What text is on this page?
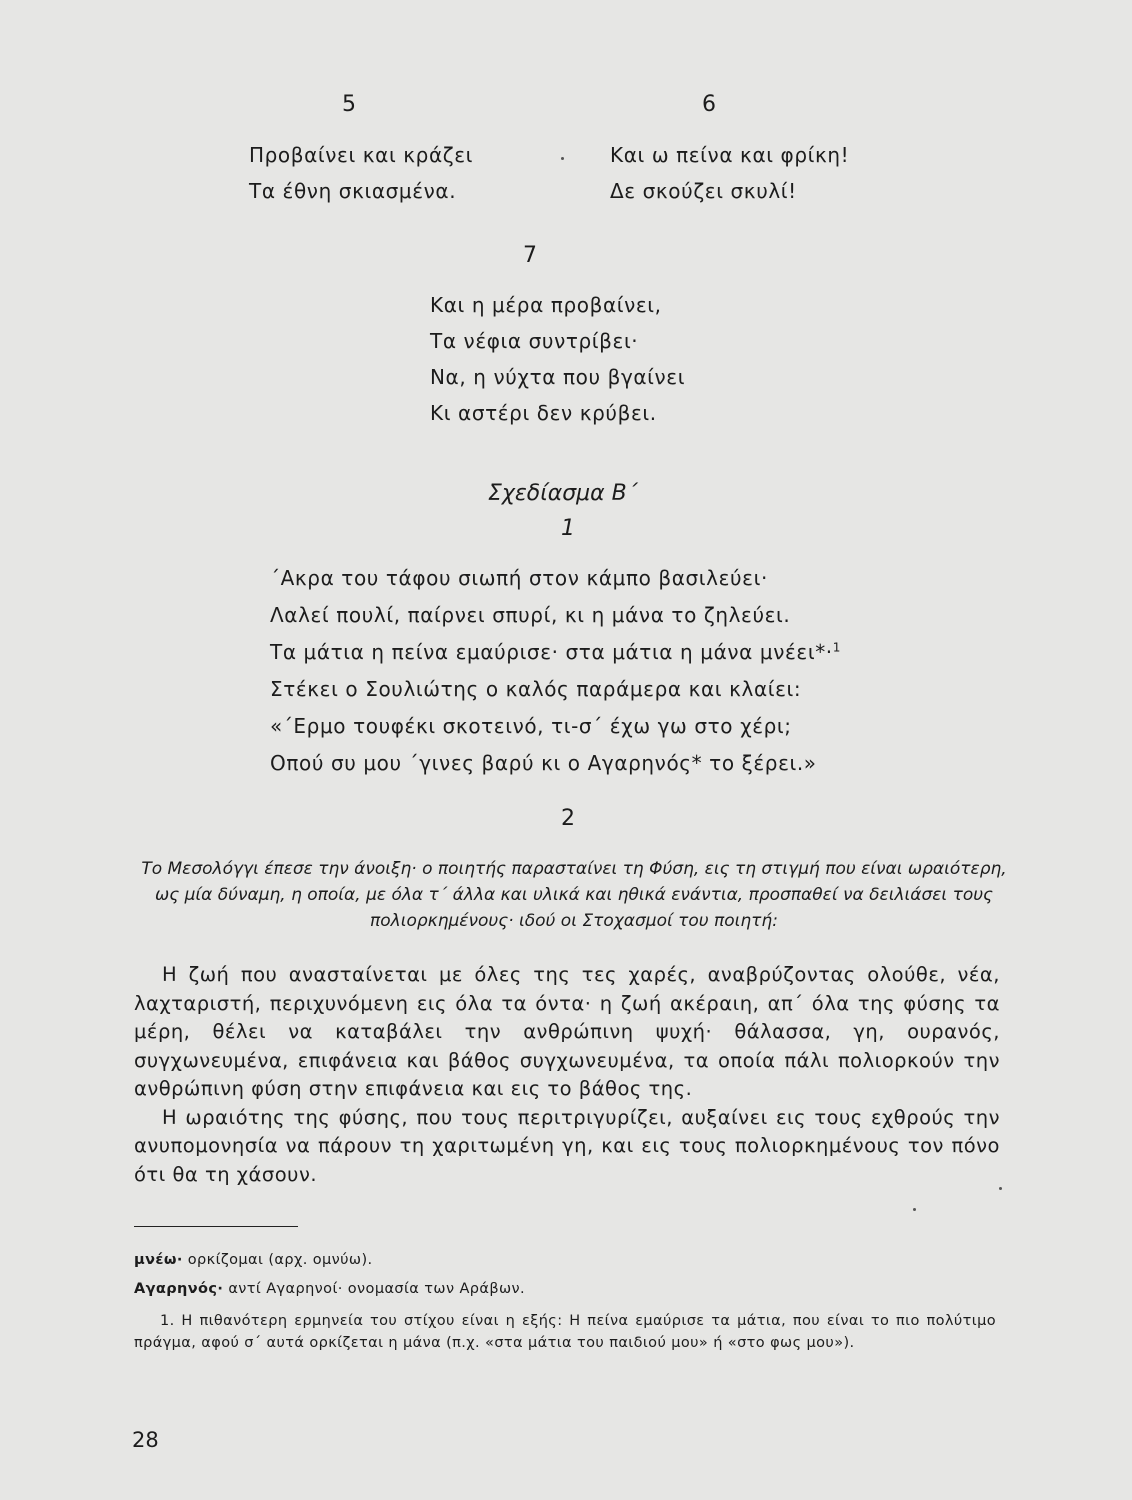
5
Προβαίνει και κράζει
Τα έθνη σκιασμένα.
6
Και ω πείνα και φρίκη!
Δε σκούζει σκυλί!
7
Και η μέρα προβαίνει,
Τα νέφια συντρίβει·
Να, η νύχτα που βγαίνει
Κι αστέρι δεν κρύβει.
Σχεδίασμα Β΄
1
΄Ακρα του τάφου σιωπή στον κάμπο βασιλεύει·
Λαλεί πουλί, παίρνει σπυρί, κι η μάνα το ζηλεύει.
Τα μάτια η πείνα εμαύρισε· στα μάτια η μάνα μνέει*·$^1$
Στέκει ο Σουλιώτης ο καλός παράμερα και κλαίει:
«΄Ερμο τουφέκι σκοτεινό, τι-σ΄ έχω γω στο χέρι;
Οπού συ μου ΄γινες βαρύ κι ο Αγαρηνός* το ξέρει.»
2
Το Μεσολόγγι έπεσε την άνοιξη· ο ποιητής παρασταίνει τη Φύση, εις τη στιγμή που είναι ωραιότερη, ως μία δύναμη, η οποία, με όλα τ΄ άλλα και υλικά και ηθικά ενάντια, προσπαθεί να δειλιάσει τους πολιορκημένους· ιδού οι Στοχασμοί του ποιητή:

Η ζωή που ανασταίνεται με όλες της τες χαρές, αναβρύζοντας ολούθε, νέα, λαχταριστή, περιχυνόμενη εις όλα τα όντα· η ζωή ακέραιη, απ΄ όλα της φύσης τα μέρη, θέλει να καταβάλει την ανθρώπινη ψυχή· θάλασσα, γη, ουρανός, συγχωνευμένα, επιφάνεια και βάθος συγχωνευμένα, τα οποία πάλι πολιορκούν την ανθρώπινη φύση στην επιφάνεια και εις το βάθος της.

Η ωραιότης της φύσης, που τους περιτριγυρίζει, αυξαίνει εις τους εχθρούς την ανυπομονησία να πάρουν τη χαριτωμένη γη, και εις τους πολιορκημένους τον πόνο ότι θα τη χάσουν.

μνέω· ορκίζομαι (αρχ. ομνύω).
Αγαρηνός· αντί Αγαρηνοί· ονομασία των Αράβων.
1. Η πιθανότερη ερμηνεία του στίχου είναι η εξής: Η πείνα εμαύρισε τα μάτια, που είναι το πιο πολύτιμο πράγμα, αφού σ΄ αυτά ορκίζεται η μάνα (π.χ. «στα μάτια του παιδιού μου» ή «στο φως μου»).
28
